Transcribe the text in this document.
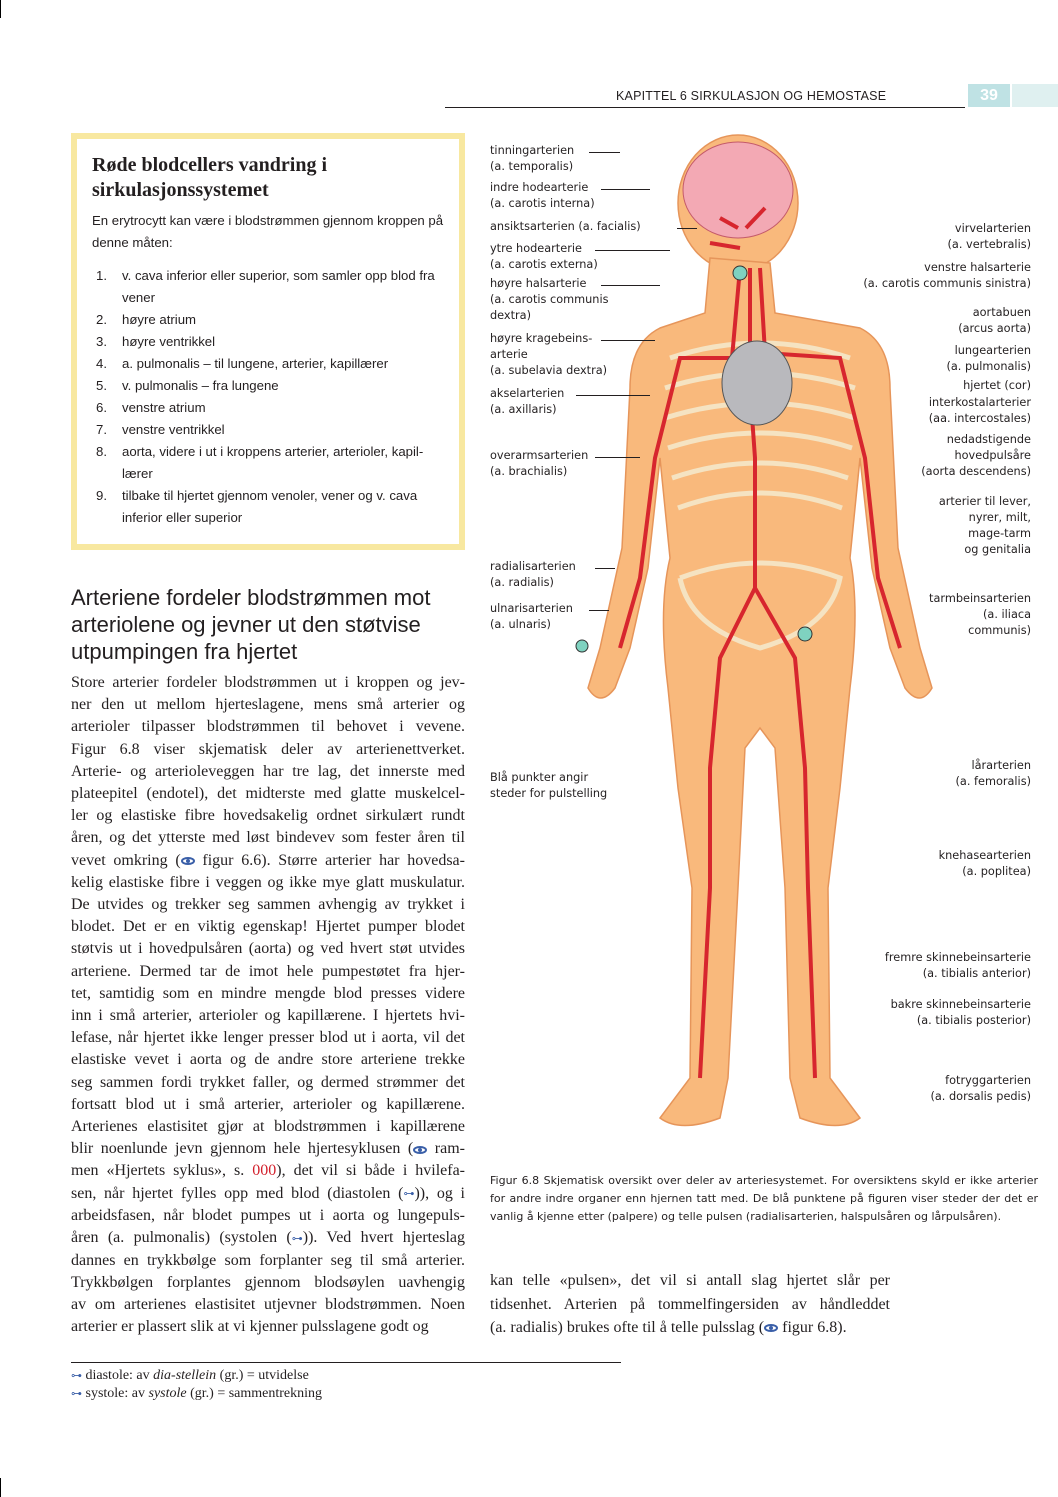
KAPITTEL 6 SIRKULASJON OG HEMOSTASE	39
Røde blodcellers vandring i sirkulasjonssystemet
En erytrocytt kan være i blodstrømmen gjennom kroppen på denne måten:
1. v. cava inferior eller superior, som samler opp blod fra vener
2. høyre atrium
3. høyre ventrikkel
4. a. pulmonalis – til lungene, arterier, kapillærer
5. v. pulmonalis – fra lungene
6. venstre atrium
7. venstre ventrikkel
8. aorta, videre i ut i kroppens arterier, arterioler, kapil-lærer
9. tilbake til hjertet gjennom venoler, vener og v. cava inferior eller superior
Arteriene fordeler blodstrømmen mot arteriolene og jevner ut den støtvise utpumpingen fra hjertet
Store arterier fordeler blodstrømmen ut i kroppen og jev-
ner den ut mellom hjerteslagene, mens små arterier og
arterioler tilpasser blodstrømmen til behovet i vevene.
Figur 6.8 viser skjematisk deler av arterienettverket.
Arterie- og arterioleveggen har tre lag, det innerste med
plateepitel (endotel), det midterste med glatte muskelcel-
ler og elastiske fibre hovedsakelig ordnet sirkulært rundt
åren, og det ytterste med løst bindevev som fester åren til
vevet omkring ( figur 6.6). Større arterier har hovedsa-
kelig elastiske fibre i veggen og ikke mye glatt muskulatur.
De utvides og trekker seg sammen avhengig av trykket i
blodet. Det er en viktig egenskap! Hjertet pumper blodet
støtvis ut i hovedpulsåren (aorta) og ved hvert støt utvides
arteriene. Dermed tar de imot hele pumpestøtet fra hjer-
tet, samtidig som en mindre mengde blod presses videre
inn i små arterier, arterioler og kapillærene. I hjertets hvi-
lefase, når hjertet ikke lenger presser blod ut i aorta, vil det
elastiske vevet i aorta og de andre store arteriene trekke
seg sammen fordi trykket faller, og dermed strømmer det
fortsatt blod ut i små arterier, arterioler og kapillærene.
Arterienes elastisitet gjør at blodstrømmen i kapillærene
blir noenlunde jevn gjennom hele hjertesyklusen ( ram-
men «Hjertets syklus», s. 000), det vil si både i hvilefa-
sen, når hjertet fylles opp med blod (diastolen (⊶)), og i
arbeidsfasen, når blodet pumpes ut i aorta og lungepuls-
åren (a. pulmonalis) (systolen (⊶)). Ved hvert hjerteslag
dannes en trykkbølge som forplanter seg til små arterier.
Trykkbølgen forplantes gjennom blodsøylen uavhengig
av om arterienes elastisitet utjevner blodstrømmen. Noen
arterier er plassert slik at vi kjenner pulsslagene godt og
kan telle «pulsen», det vil si antall slag hjertet slår per
tidsenhet. Arterien på tommelfingersiden av håndleddet
(a. radialis) brukes ofte til å telle pulsslag ( figur 6.8).
tinningarterien
(a. temporalis)
indre hodearterie
(a. carotis interna)
ansiktsarterien (a. facialis)
ytre hodearterie
(a. carotis externa)
høyre halsarterie
(a. carotis communis
dextra)
høyre kragebeins-
arterie
(a. subelavia dextra)
akselarterien
(a. axillaris)
overarmsarterien
(a. brachialis)
radialisarterien
(a. radialis)
ulnarisarterien
(a. ulnaris)
Blå punkter angir
steder for pulstelling
virvelarterien
(a. vertebralis)
venstre halsarterie
(a. carotis communis sinistra)
aortabuen
(arcus aorta)
lungearterien
(a. pulmonalis)
hjertet (cor)
interkostalarterier
(aa. intercostales)
nedadstigende
hovedpulsåre
(aorta descendens)
arterier til lever,
nyrer, milt,
mage-tarm
og genitalia
tarmbeinsarterien
(a. iliaca
communis)
lårarterien
(a. femoralis)
knehasearterien
(a. poplitea)
fremre skinnebeinsarterie
(a. tibialis anterior)
bakre skinnebeinsarterie
(a. tibialis posterior)
fotryggarterien
(a. dorsalis pedis)
Figur 6.8 Skjematisk oversikt over deler av arteriesystemet. For oversiktens skyld er ikke arterier for andre indre organer enn hjernen tatt med. De blå punktene på figuren viser steder der det er vanlig å kjenne etter (palpere) og telle pulsen (radialisarterien, halspulsåren og lårpulsåren).
⊶ diastole: av dia-stellein (gr.) = utvidelse
⊶ systole: av systole (gr.) = sammentrekning
